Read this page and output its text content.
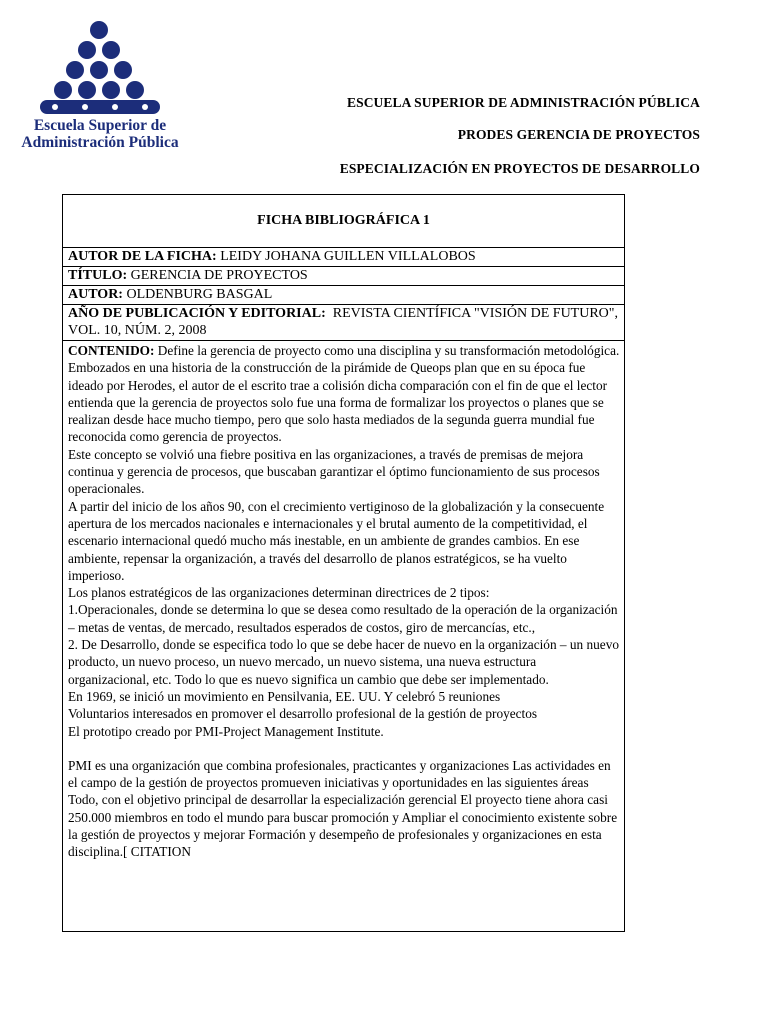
Escuela Superior de
Administración Pública
ESCUELA SUPERIOR DE ADMINISTRACIÓN PÚBLICA
PRODES GERENCIA DE PROYECTOS
ESPECIALIZACIÓN EN PROYECTOS DE DESARROLLO
FICHA BIBLIOGRÁFICA 1
AUTOR DE LA FICHA: LEIDY JOHANA GUILLEN VILLALOBOS
TÍTULO: GERENCIA DE PROYECTOS
AUTOR: OLDENBURG BASGAL
AÑO DE PUBLICACIÓN Y EDITORIAL: REVISTA CIENTÍFICA "VISIÓN DE FUTURO", VOL. 10, NÚM. 2, 2008

CONTENIDO: Define la gerencia de proyecto como una disciplina y su transformación metodológica. Embozados en una historia de la construcción de la pirámide de Queops plan que en su época fue ideado por Herodes, el autor de el escrito trae a colisión dicha comparación con el fin de que el lector entienda que la gerencia de proyectos solo fue una forma de formalizar los proyectos o planes que se realizan desde hace mucho tiempo, pero que solo hasta mediados de la segunda guerra mundial fue reconocida como gerencia de proyectos.

Este concepto se volvió una fiebre positiva en las organizaciones, a través de premisas de mejora continua y gerencia de procesos, que buscaban garantizar el óptimo funcionamiento de sus procesos operacionales.

A partir del inicio de los años 90, con el crecimiento vertiginoso de la globalización y la consecuente apertura de los mercados nacionales e internacionales y el brutal aumento de la competitividad, el escenario internacional quedó mucho más inestable, en un ambiente de grandes cambios. En ese ambiente, repensar la organización, a través del desarrollo de planos estratégicos, se ha vuelto imperioso.

Los planos estratégicos de las organizaciones determinan directrices de 2 tipos:

1.Operacionales, donde se determina lo que se desea como resultado de la operación de la organización – metas de ventas, de mercado, resultados esperados de costos, giro de mercancías, etc.,

2. De Desarrollo, donde se especifica todo lo que se debe hacer de nuevo en la organización – un nuevo producto, un nuevo proceso, un nuevo mercado, un nuevo sistema, una nueva estructura organizacional, etc. Todo lo que es nuevo significa un cambio que debe ser implementado.

En 1969, se inició un movimiento en Pensilvania, EE. UU. Y celebró 5 reuniones

Voluntarios interesados en promover el desarrollo profesional de la gestión de proyectos

El prototipo creado por PMI-Project Management Institute.

PMI es una organización que combina profesionales, practicantes y organizaciones Las actividades en el campo de la gestión de proyectos promueven iniciativas y oportunidades en las siguientes áreas Todo, con el objetivo principal de desarrollar la especialización gerencial El proyecto tiene ahora casi 250.000 miembros en todo el mundo para buscar promoción y Ampliar el conocimiento existente sobre la gestión de proyectos y mejorar Formación y desempeño de profesionales y organizaciones en esta disciplina.[ CITATION
